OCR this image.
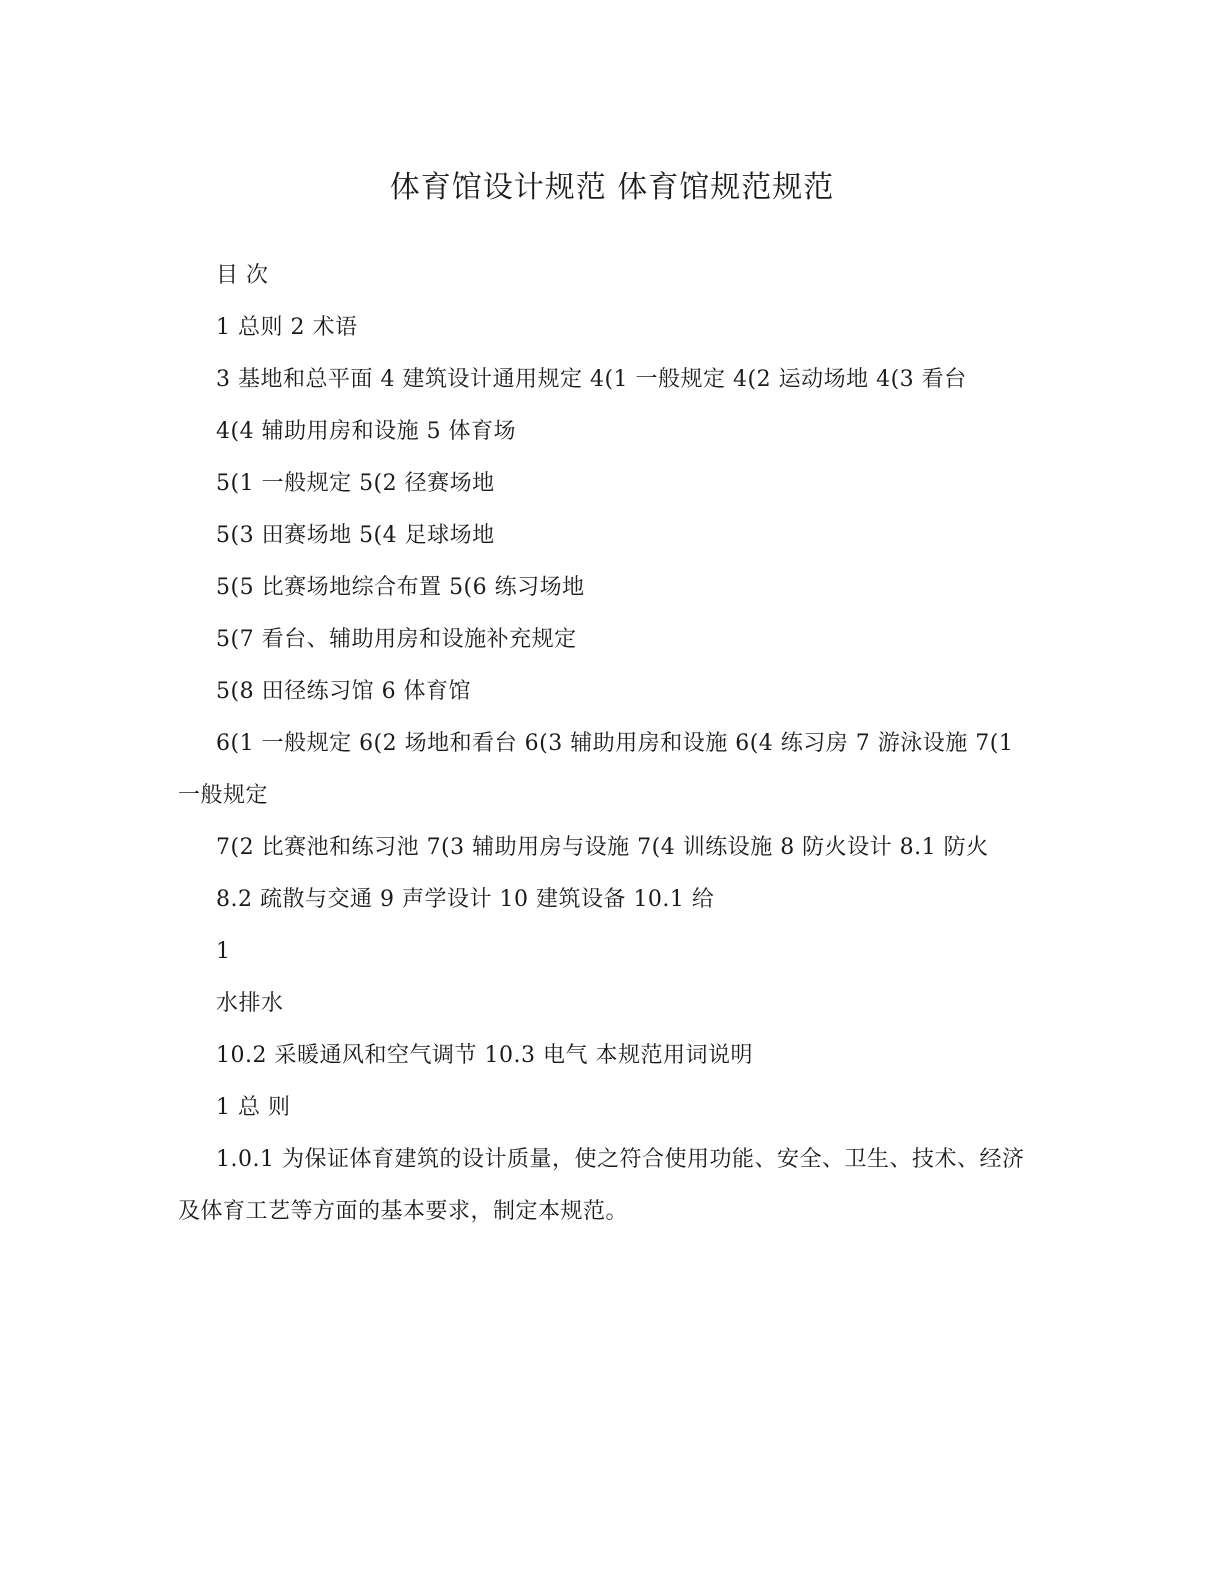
体育馆设计规范 体育馆规范规范

目 次

1 总则 2 术语

3 基地和总平面 4 建筑设计通用规定 4(1 一般规定 4(2 运动场地 4(3 看台

4(4 辅助用房和设施 5 体育场

5(1 一般规定 5(2 径赛场地

5(3 田赛场地 5(4 足球场地

5(5 比赛场地综合布置 5(6 练习场地

5(7 看台、辅助用房和设施补充规定

5(8 田径练习馆 6 体育馆

6(1 一般规定 6(2 场地和看台 6(3 辅助用房和设施 6(4 练习房 7 游泳设施 7(1 一般规定

7(2 比赛池和练习池 7(3 辅助用房与设施 7(4 训练设施 8 防火设计 8.1 防火

8.2 疏散与交通 9 声学设计 10 建筑设备 10.1 给

1

水排水

10.2 采暖通风和空气调节 10.3 电气 本规范用词说明

1 总 则

1.0.1 为保证体育建筑的设计质量，使之符合使用功能、安全、卫生、技术、经济及体育工艺等方面的基本要求，制定本规范。
